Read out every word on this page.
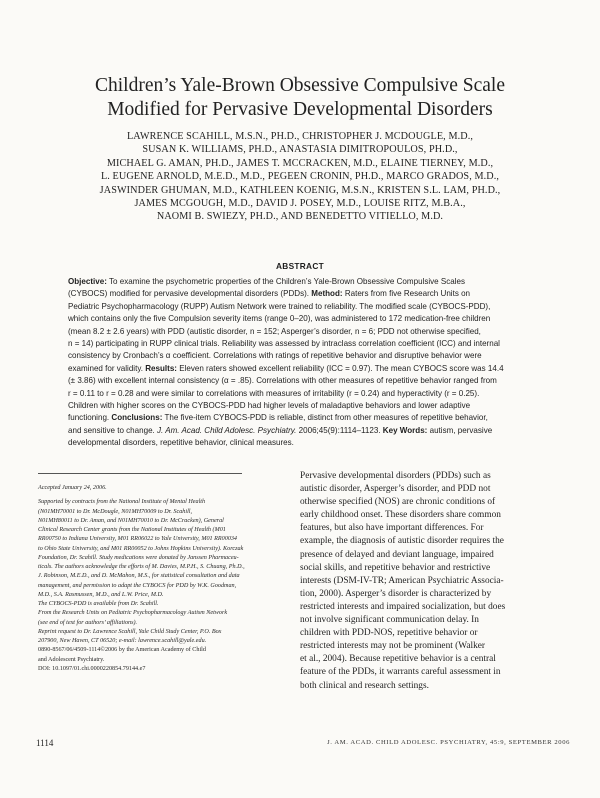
Children’s Yale-Brown Obsessive Compulsive Scale
Modified for Pervasive Developmental Disorders
LAWRENCE SCAHILL, M.S.N., PH.D., CHRISTOPHER J. MCDOUGLE, M.D.,
SUSAN K. WILLIAMS, PH.D., ANASTASIA DIMITROPOULOS, PH.D.,
MICHAEL G. AMAN, PH.D., JAMES T. MCCRACKEN, M.D., ELAINE TIERNEY, M.D.,
L. EUGENE ARNOLD, M.E.D., M.D., PEGEEN CRONIN, PH.D., MARCO GRADOS, M.D.,
JASWINDER GHUMAN, M.D., KATHLEEN KOENIG, M.S.N., KRISTEN S.L. LAM, PH.D.,
JAMES MCGOUGH, M.D., DAVID J. POSEY, M.D., LOUISE RITZ, M.B.A.,
NAOMI B. SWIEZY, PH.D., AND BENEDETTO VITIELLO, M.D.
ABSTRACT
Objective: To examine the psychometric properties of the Children’s Yale-Brown Obsessive Compulsive Scales
(CYBOCS) modified for pervasive developmental disorders (PDDs). Method: Raters from five Research Units on
Pediatric Psychopharmacology (RUPP) Autism Network were trained to reliability. The modified scale (CYBOCS-PDD),
which contains only the five Compulsion severity items (range 0–20), was administered to 172 medication-free children
(mean 8.2 ± 2.6 years) with PDD (autistic disorder, n = 152; Asperger’s disorder, n = 6; PDD not otherwise specified,
n = 14) participating in RUPP clinical trials. Reliability was assessed by intraclass correlation coefficient (ICC) and internal
consistency by Cronbach’s α coefficient. Correlations with ratings of repetitive behavior and disruptive behavior were
examined for validity. Results: Eleven raters showed excellent reliability (ICC = 0.97). The mean CYBOCS score was 14.4
(± 3.86) with excellent internal consistency (α = .85). Correlations with other measures of repetitive behavior ranged from
r = 0.11 to r = 0.28 and were similar to correlations with measures of irritability (r = 0.24) and hyperactivity (r = 0.25).
Children with higher scores on the CYBOCS-PDD had higher levels of maladaptive behaviors and lower adaptive
functioning. Conclusions: The five-item CYBOCS-PDD is reliable, distinct from other measures of repetitive behavior,
and sensitive to change. J. Am. Acad. Child Adolesc. Psychiatry. 2006;45(9):1114–1123. Key Words: autism, pervasive
developmental disorders, repetitive behavior, clinical measures.
Accepted January 24, 2006.
Supported by contracts from the National Institute of Mental Health
(N01MH70001 to Dr. McDougle, N01MH70009 to Dr. Scahill,
N01MH80011 to Dr. Aman, and N01MH70010 to Dr. McCracken), General
Clinical Research Center grants from the National Institutes of Health (M01
RR00750 to Indiana University, M01 RR06022 to Yale University, M01 RR00034
to Ohio State University, and M01 RR00052 to Johns Hopkins University). Korczak
Foundation, Dr. Scahill. Study medications were donated by Janssen Pharmaceu-
ticals. The authors acknowledge the efforts of M. Davies, M.P.H., S. Chuang, Ph.D.,
J. Robinson, M.E.D., and D. McMahon, M.S., for statistical consultation and data
management, and permission to adapt the CYBOCS for PDD by W.K. Goodman,
M.D., S.A. Rasmussen, M.D., and L.W. Price, M.D.
The CYBOCS-PDD is available from Dr. Scahill.
From the Research Units on Pediatric Psychopharmacology Autism Network
(see end of text for authors’ affiliations).
Reprint request to Dr. Lawrence Scahill, Yale Child Study Center, P.O. Box
207900, New Haven, CT 06520; e-mail: lawrence.scahill@yale.edu.
0890-8567/06/4509-1114©2006 by the American Academy of Child
and Adolescent Psychiatry.
DOI: 10.1097/01.chi.0000220854.79144.e7
Pervasive developmental disorders (PDDs) such as
autistic disorder, Asperger’s disorder, and PDD not
otherwise specified (NOS) are chronic conditions of
early childhood onset. These disorders share common
features, but also have important differences. For
example, the diagnosis of autistic disorder requires the
presence of delayed and deviant language, impaired
social skills, and repetitive behavior and restrictive
interests (DSM-IV-TR; American Psychiatric Associa-
tion, 2000). Asperger’s disorder is characterized by
restricted interests and impaired socialization, but does
not involve significant communication delay. In
children with PDD-NOS, repetitive behavior or
restricted interests may not be prominent (Walker
et al., 2004). Because repetitive behavior is a central
feature of the PDDs, it warrants careful assessment in
both clinical and research settings.
1114	J. AM. ACAD. CHILD ADOLESC. PSYCHIATRY, 45:9, SEPTEMBER 2006
